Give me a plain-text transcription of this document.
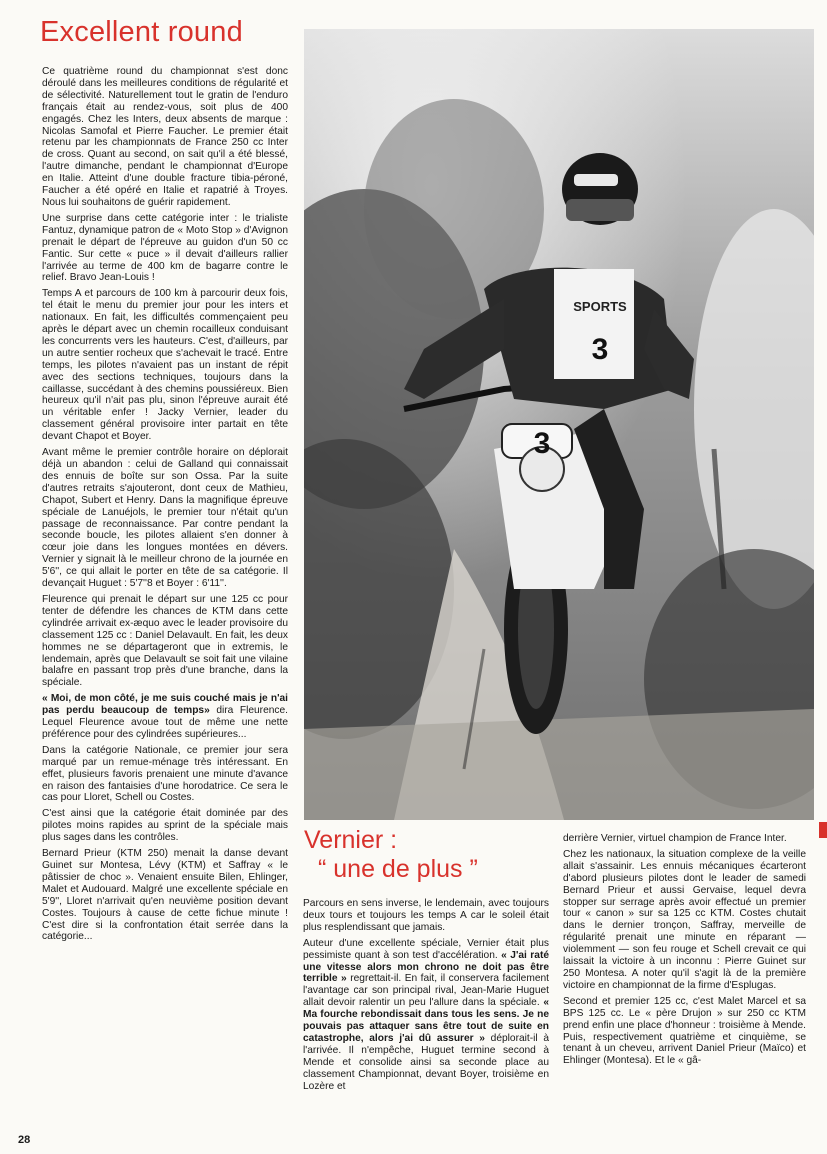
Excellent round

Ce quatrième round du championnat s'est donc déroulé dans les meilleures conditions de régularité et de sélectivité. Naturellement tout le gratin de l'enduro français était au rendez-vous, soit plus de 400 engagés. Chez les Inters, deux absents de marque : Nicolas Samofal et Pierre Faucher. Le premier était retenu par les championnats de France 250 cc Inter de cross. Quant au second, on sait qu'il a été blessé, l'autre dimanche, pendant le championnat d'Europe en Italie. Atteint d'une double fracture tibia-péroné, Faucher a été opéré en Italie et rapatrié à Troyes. Nous lui souhaitons de guérir rapidement.

Une surprise dans cette catégorie inter : le trialiste Fantuz, dynamique patron de « Moto Stop » d'Avignon prenait le départ de l'épreuve au guidon d'un 50 cc Fantic. Sur cette « puce » il devait d'ailleurs rallier l'arrivée au terme de 400 km de bagarre contre le relief. Bravo Jean-Louis !

Temps A et parcours de 100 km à parcourir deux fois, tel était le menu du premier jour pour les inters et nationaux. En fait, les difficultés commençaient peu après le départ avec un chemin rocailleux conduisant les concurrents vers les hauteurs. C'est, d'ailleurs, par un autre sentier rocheux que s'achevait le tracé. Entre temps, les pilotes n'avaient pas un instant de répit avec des sections techniques, toujours dans la caillasse, succédant à des chemins poussiéreux. Bien heureux qu'il n'ait pas plu, sinon l'épreuve aurait été un véritable enfer ! Jacky Vernier, leader du classement général provisoire inter partait en tête devant Chapot et Boyer.

Avant même le premier contrôle horaire on déplorait déjà un abandon : celui de Galland qui connaissait des ennuis de boîte sur son Ossa. Par la suite d'autres retraits s'ajouteront, dont ceux de Mathieu, Chapot, Subert et Henry. Dans la magnifique épreuve spéciale de Lanuéjols, le premier tour n'était qu'un passage de reconnaissance. Par contre pendant la seconde boucle, les pilotes allaient s'en donner à cœur joie dans les longues montées en dévers. Vernier y signait là le meilleur chrono de la journée en 5'6'', ce qui allait le porter en tête de sa catégorie. Il devançait Huguet : 5'7''8 et Boyer : 6'11''.

Fleurence qui prenait le départ sur une 125 cc pour tenter de défendre les chances de KTM dans cette cylindrée arrivait ex-æquo avec le leader provisoire du classement 125 cc : Daniel Delavault. En fait, les deux hommes ne se départageront que in extremis, le lendemain, après que Delavault se soit fait une vilaine balafre en passant trop près d'une branche, dans la spéciale.

« Moi, de mon côté, je me suis couché mais je n'ai pas perdu beaucoup de temps» dira Fleurence. Lequel Fleurence avoue tout de même une nette préférence pour des cylindrées supérieures...

Dans la catégorie Nationale, ce premier jour sera marqué par un remue-ménage très intéressant. En effet, plusieurs favoris prenaient une minute d'avance en raison des fantaisies d'une horodatrice. Ce sera le cas pour Lloret, Schell ou Costes.

C'est ainsi que la catégorie était dominée par des pilotes moins rapides au sprint de la spéciale mais plus sages dans les contrôles.

Bernard Prieur (KTM 250) menait la danse devant Guinet sur Montesa, Lévy (KTM) et Saffray « le pâtissier de choc ». Venaient ensuite Bilen, Ehlinger, Malet et Audouard. Malgré une excellente spéciale en 5'9'', Lloret n'arrivait qu'en neuvième position devant Costes. Toujours à cause de cette fichue minute ! C'est dire si la confrontation était serrée dans la catégorie...

3
3
SPORTS
Vernier :
“ une de plus ”

Parcours en sens inverse, le lendemain, avec toujours deux tours et toujours les temps A car le soleil était plus resplendissant que jamais.

Auteur d'une excellente spéciale, Vernier était plus pessimiste quant à son test d'accélération. « J'ai raté une vitesse alors mon chrono ne doit pas être terrible » regrettait-il. En fait, il conservera facilement l'avantage car son principal rival, Jean-Marie Huguet allait devoir ralentir un peu l'allure dans la spéciale. « Ma fourche rebondissait dans tous les sens. Je ne pouvais pas attaquer sans être tout de suite en catastrophe, alors j'ai dû assurer » déplorait-il à l'arrivée. Il n'empêche, Huguet termine second à Mende et consolide ainsi sa seconde place au classement Championnat, devant Boyer, troisième en Lozère et

derrière Vernier, virtuel champion de France Inter.

Chez les nationaux, la situation complexe de la veille allait s'assainir. Les ennuis mécaniques écarteront d'abord plusieurs pilotes dont le leader de samedi Bernard Prieur et aussi Gervaise, lequel devra stopper sur serrage après avoir effectué un premier tour « canon » sur sa 125 cc KTM. Costes chutait dans le dernier tronçon, Saffray, merveille de régularité prenait une minute en réparant — violemment — son feu rouge et Schell crevait ce qui laissait la victoire à un inconnu : Pierre Guinet sur 250 Montesa. A noter qu'il s'agit là de la première victoire en championnat de la firme d'Esplugas.

Second et premier 125 cc, c'est Malet Marcel et sa BPS 125 cc. Le « père Drujon » sur 250 cc KTM prend enfin une place d'honneur : troisième à Mende. Puis, respectivement quatrième et cinquième, se tenant à un cheveu, arrivent Daniel Prieur (Maïco) et Ehlinger (Montesa). Et le « gâ-

28
